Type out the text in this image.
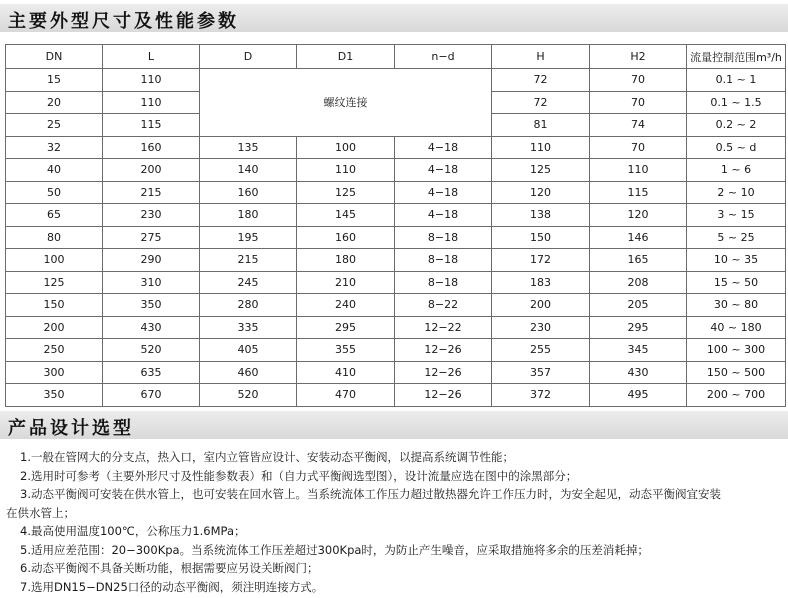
主要外型尺寸及性能参数
DN	L	D	D1	n−d	H	H2	流量控制范围m³/h
15	110	螺纹连接			72	70	0.1 ~ 1
20	110				72	70	0.1 ~ 1.5
25	115				81	74	0.2 ~ 2
32	160	135	100	4−18	110	70	0.5 ~ d
40	200	140	110	4−18	125	110	1 ~ 6
50	215	160	125	4−18	120	115	2 ~ 10
65	230	180	145	4−18	138	120	3 ~ 15
80	275	195	160	8−18	150	146	5 ~ 25
100	290	215	180	8−18	172	165	10 ~ 35
125	310	245	210	8−18	183	208	15 ~ 50
150	350	280	240	8−22	200	205	30 ~ 80
200	430	335	295	12−22	230	295	40 ~ 180
250	520	405	355	12−26	255	345	100 ~ 300
300	635	460	410	12−26	357	430	150 ~ 500
350	670	520	470	12−26	372	495	200 ~ 700
产品设计选型

1.一般在管网大的分支点，热入口，室内立管皆应设计、安装动态平衡阀，以提高系统调节性能；

2.选用时可参考（主要外形尺寸及性能参数表）和（自力式平衡阀选型图），设计流量应选在图中的涂黑部分；

3.动态平衡阀可安装在供水管上，也可安装在回水管上。当系统流体工作压力超过散热器允许工作压力时，为安全起见，动态平衡阀宜安装

在供水管上；

4.最高使用温度100℃，公称压力1.6MPa；

5.适用应差范围：20−300Kpa。当系统流体工作压差超过300Kpa时，为防止产生噪音，应采取措施将多余的压差消耗掉；

6.动态平衡阀不具备关断功能，根据需要应另设关断阀门；

7.选用DN15−DN25口径的动态平衡阀，须注明连接方式。
